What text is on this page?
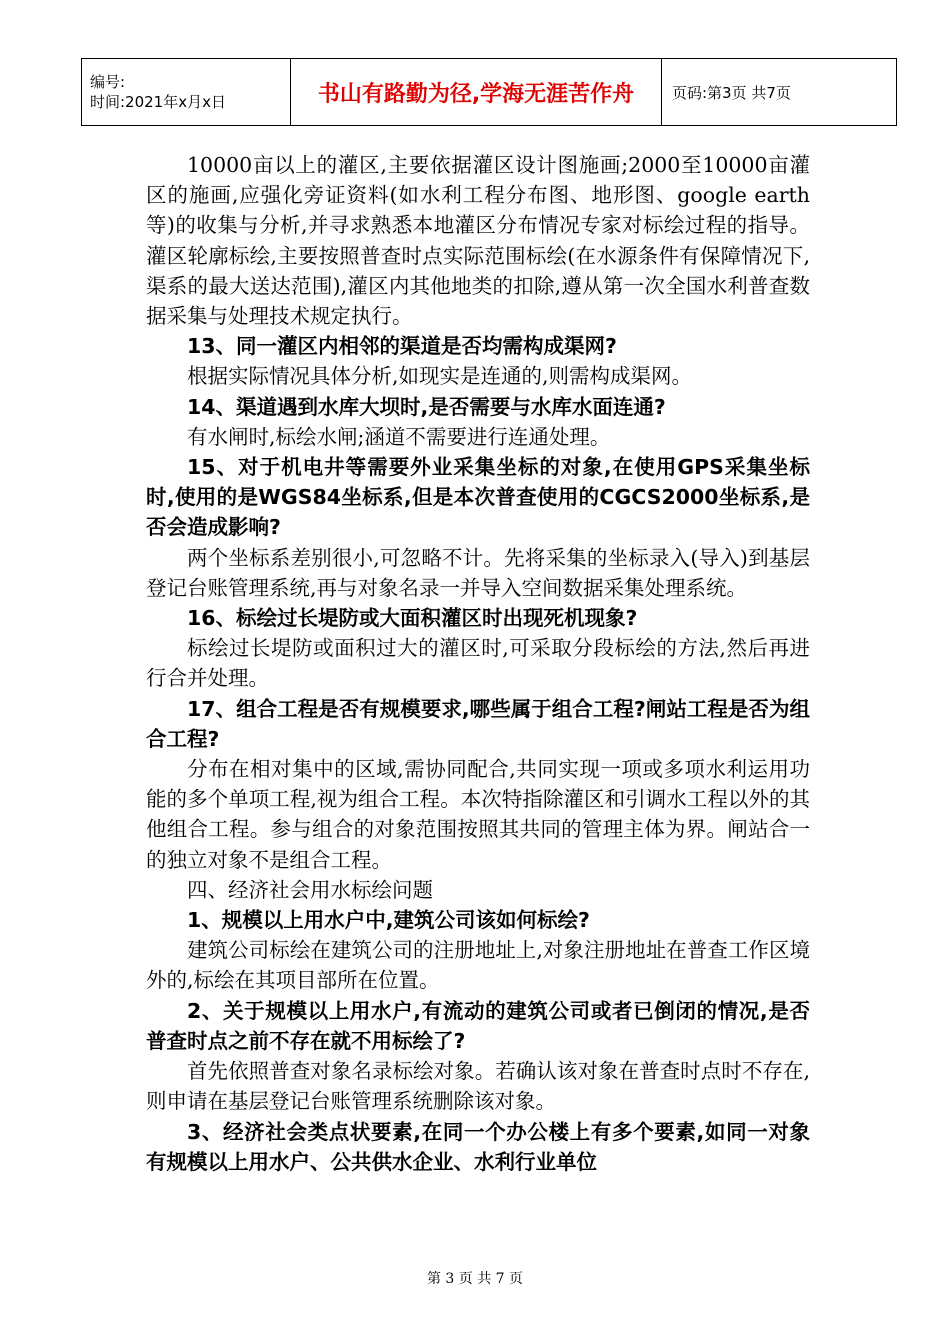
编号:
时间:2021年x月x日	书山有路勤为径,学海无涯苦作舟	页码:第3页 共7页
10000亩以上的灌区,主要依据灌区设计图施画;2000至10000亩灌区的施画,应强化旁证资料(如水利工程分布图、地形图、google earth等)的收集与分析,并寻求熟悉本地灌区分布情况专家对标绘过程的指导。灌区轮廓标绘,主要按照普查时点实际范围标绘(在水源条件有保障情况下,渠系的最大送达范围),灌区内其他地类的扣除,遵从第一次全国水利普查数据采集与处理技术规定执行。
13、同一灌区内相邻的渠道是否均需构成渠网?
根据实际情况具体分析,如现实是连通的,则需构成渠网。
14、渠道遇到水库大坝时,是否需要与水库水面连通?
有水闸时,标绘水闸;涵道不需要进行连通处理。
15、对于机电井等需要外业采集坐标的对象,在使用GPS采集坐标时,使用的是WGS84坐标系,但是本次普查使用的CGCS2000坐标系,是否会造成影响?
两个坐标系差别很小,可忽略不计。先将采集的坐标录入(导入)到基层登记台账管理系统,再与对象名录一并导入空间数据采集处理系统。
16、标绘过长堤防或大面积灌区时出现死机现象?
标绘过长堤防或面积过大的灌区时,可采取分段标绘的方法,然后再进行合并处理。
17、组合工程是否有规模要求,哪些属于组合工程?闸站工程是否为组合工程?
分布在相对集中的区域,需协同配合,共同实现一项或多项水利运用功能的多个单项工程,视为组合工程。本次特指除灌区和引调水工程以外的其他组合工程。参与组合的对象范围按照其共同的管理主体为界。闸站合一的独立对象不是组合工程。
四、经济社会用水标绘问题
1、规模以上用水户中,建筑公司该如何标绘?
建筑公司标绘在建筑公司的注册地址上,对象注册地址在普查工作区境外的,标绘在其项目部所在位置。
2、关于规模以上用水户,有流动的建筑公司或者已倒闭的情况,是否普查时点之前不存在就不用标绘了?
首先依照普查对象名录标绘对象。若确认该对象在普查时点时不存在,则申请在基层登记台账管理系统删除该对象。
3、经济社会类点状要素,在同一个办公楼上有多个要素,如同一对象有规模以上用水户、公共供水企业、水利行业单位
第 3 页 共 7 页
